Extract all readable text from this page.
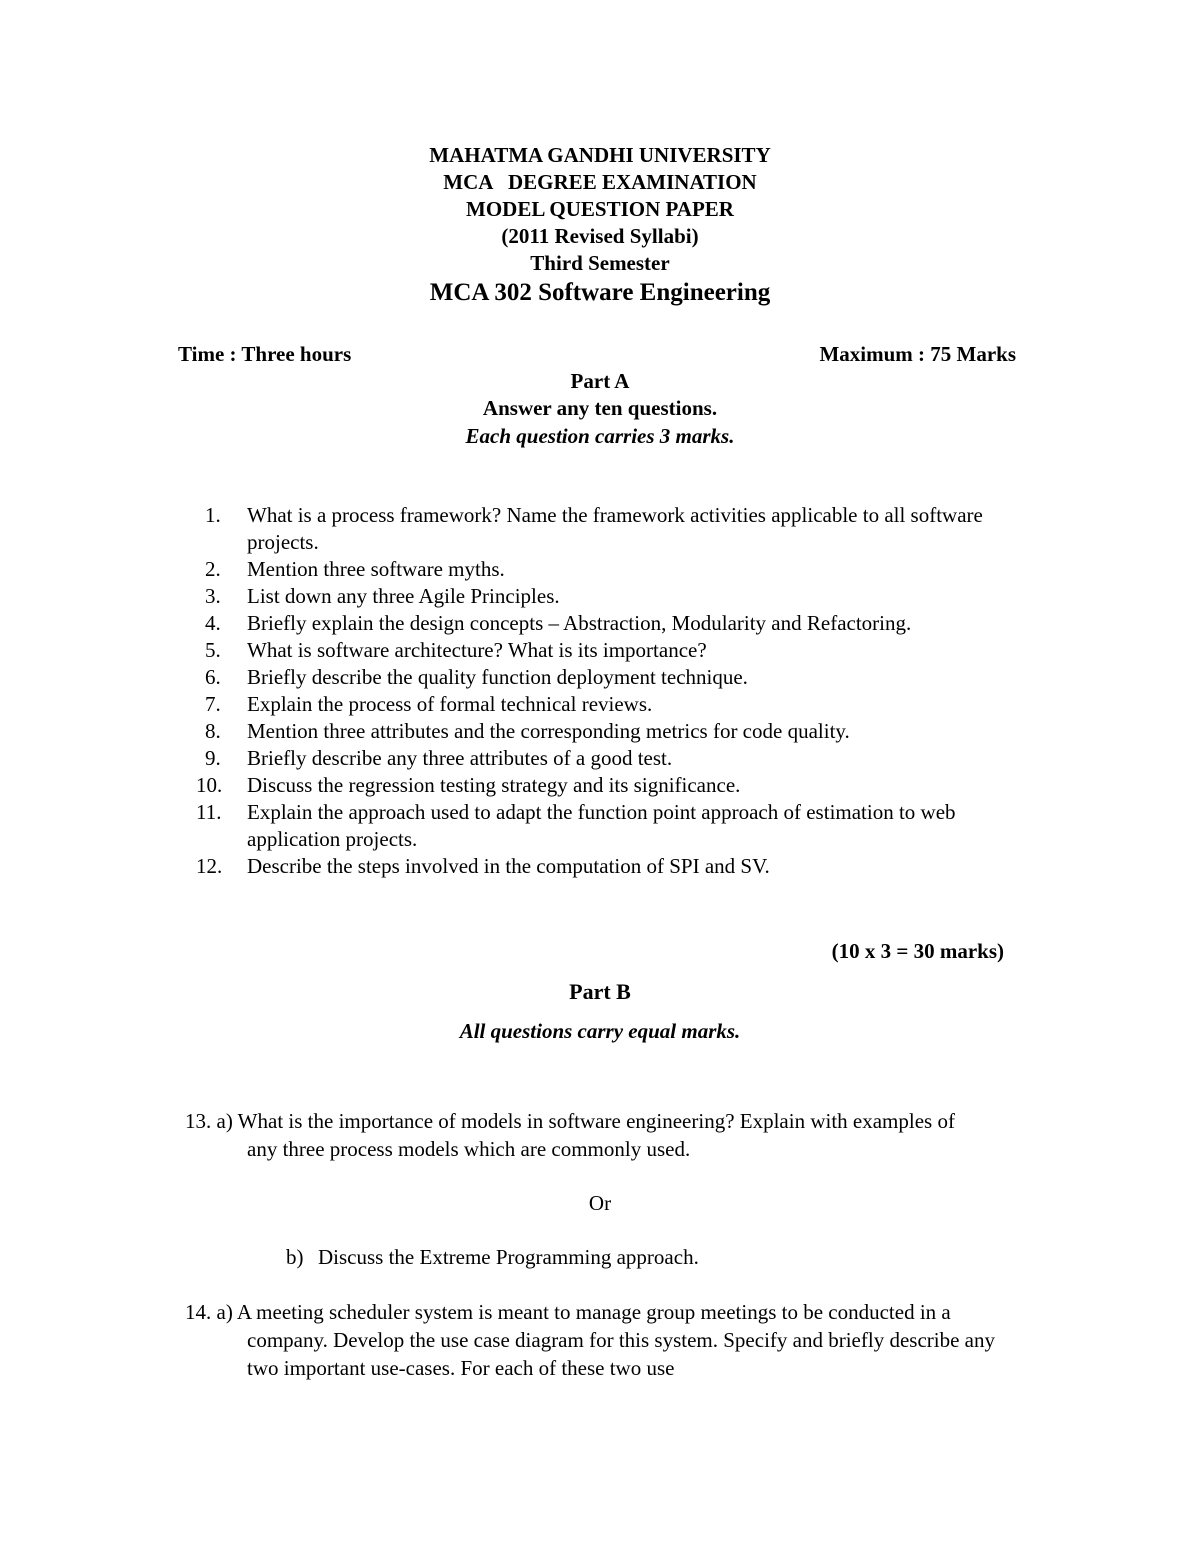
MAHATMA GANDHI UNIVERSITY
MCA   DEGREE EXAMINATION
MODEL QUESTION PAPER
(2011 Revised Syllabi)
Third Semester
MCA 302 Software Engineering
Time : Three hours	Maximum : 75 Marks
Part A
Answer any ten questions.
Each question carries 3 marks.
1.	What is a process framework? Name the framework activities applicable to all software projects.
2.	Mention three software myths.
3.	List down any three Agile Principles.
4.	Briefly explain the design concepts – Abstraction, Modularity and Refactoring.
5.	What is software architecture? What is its importance?
6.	Briefly describe the quality function deployment technique.
7.	Explain the process of formal technical reviews.
8.	Mention three attributes and the corresponding metrics for code quality.
9.	Briefly describe any three attributes of a good test.
10.	Discuss the regression testing strategy and its significance.
11.	Explain the approach used to adapt the function point approach of estimation to web application projects.
12.	Describe the steps involved in the computation of SPI and SV.
(10 x 3 = 30 marks)
Part B
All questions carry equal marks.
13. a) What is the importance of models in software engineering? Explain with examples of any three process models which are commonly used.
Or
b) Discuss the Extreme Programming approach.
14. a) A meeting scheduler system is meant to manage group meetings to be conducted in a company. Develop the use case diagram for this system. Specify and briefly describe any two important use-cases. For each of these two use
